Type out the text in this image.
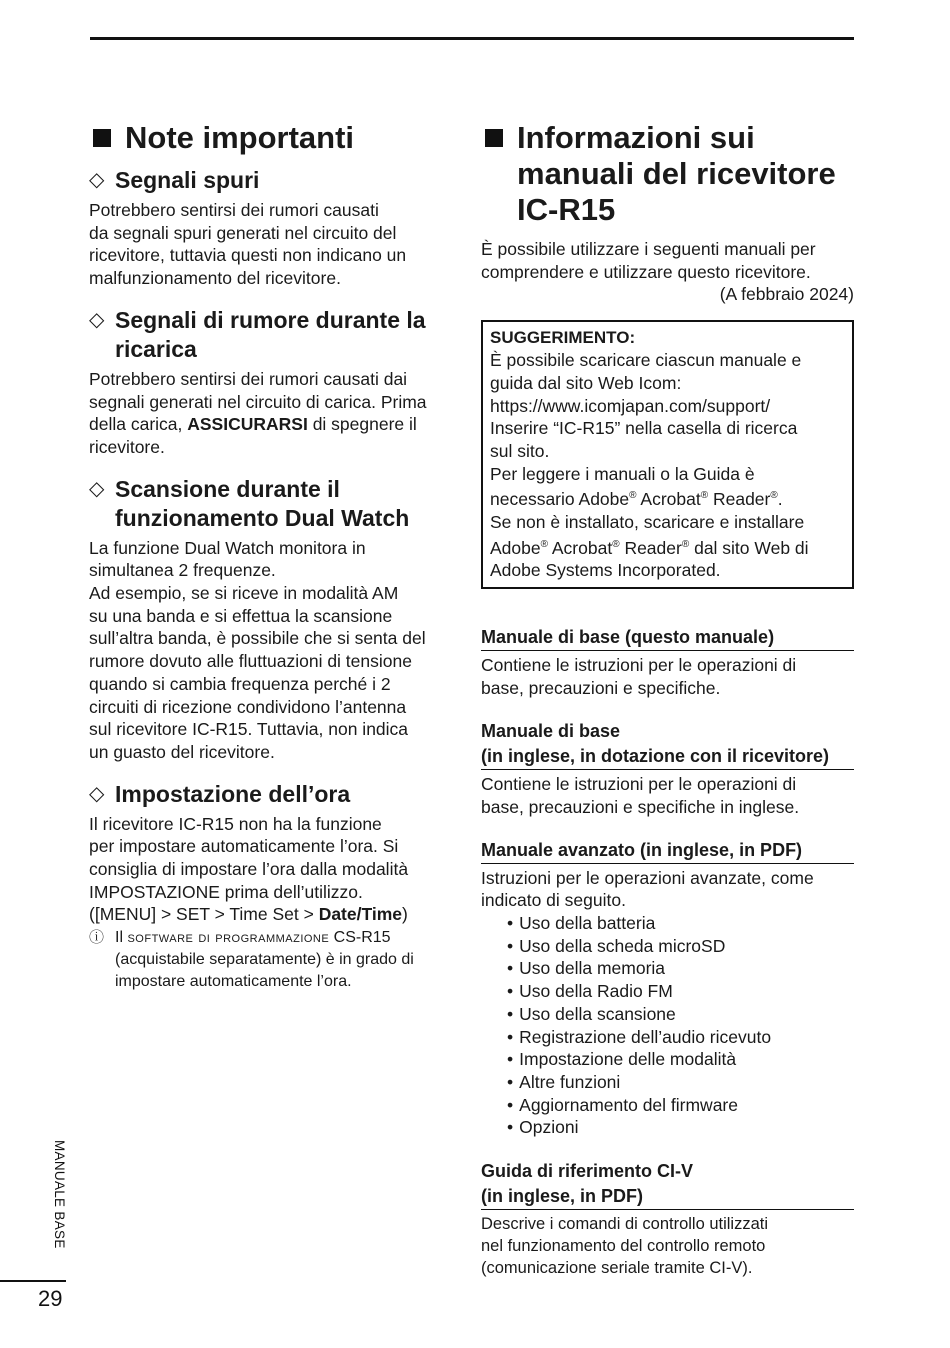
Note importanti
◇ Segnali spuri

Potrebbero sentirsi dei rumori causati
da segnali spuri generati nel circuito del
ricevitore, tuttavia questi non indicano un
malfunzionamento del ricevitore.

◇ Segnali di rumore durante la ricarica

Potrebbero sentirsi dei rumori causati dai
segnali generati nel circuito di carica. Prima
della carica, ASSICURARSI di spegnere il
ricevitore.

◇ Scansione durante il funzionamento Dual Watch

La funzione Dual Watch monitora in
simultanea 2 frequenze.
Ad esempio, se si riceve in modalità AM
su una banda e si effettua la scansione
sull’altra banda, è possibile che si senta del
rumore dovuto alle fluttuazioni di tensione
quando si cambia frequenza perché i 2
circuiti di ricezione condividono l’antenna
sul ricevitore IC-R15. Tuttavia, non indica
un guasto del ricevitore.

◇ Impostazione dell’ora

Il ricevitore IC-R15 non ha la funzione
per impostare automaticamente l’ora. Si
consiglia di impostare l’ora dalla modalità
IMPOSTAZIONE prima dell’utilizzo.

([MENU] > SET > Time Set > Date/Time)

ⓘ Il software di programmazione CS-R15
(acquistabile separatamente) è in grado di
impostare automaticamente l’ora.
Informazioni sui manuali del ricevitore IC-R15

È possibile utilizzare i seguenti manuali per
comprendere e utilizzare questo ricevitore.

(A febbraio 2024)

SUGGERIMENTO:

È possibile scaricare ciascun manuale e
guida dal sito Web Icom:
https://www.icomjapan.com/support/
Inserire “IC-R15” nella casella di ricerca
sul sito.
Per leggere i manuali o la Guida è
necessario Adobe® Acrobat® Reader®.
Se non è installato, scaricare e installare
Adobe® Acrobat® Reader® dal sito Web di
Adobe Systems Incorporated.

Manuale di base (questo manuale)

Contiene le istruzioni per le operazioni di
base, precauzioni e specifiche.

Manuale di base
(in inglese, in dotazione con il ricevitore)

Contiene le istruzioni per le operazioni di
base, precauzioni e specifiche in inglese.

Manuale avanzato (in inglese, in PDF)

Istruzioni per le operazioni avanzate, come
indicato di seguito.

• Uso della batteria
• Uso della scheda microSD
• Uso della memoria
• Uso della Radio FM
• Uso della scansione
• Registrazione dell’audio ricevuto
• Impostazione delle modalità
• Altre funzioni
• Aggiornamento del firmware
• Opzioni
Guida di riferimento CI-V
(in inglese, in PDF)

Descrive i comandi di controllo utilizzati
nel funzionamento del controllo remoto
(comunicazione seriale tramite CI-V).

MANUALE BASE
29
